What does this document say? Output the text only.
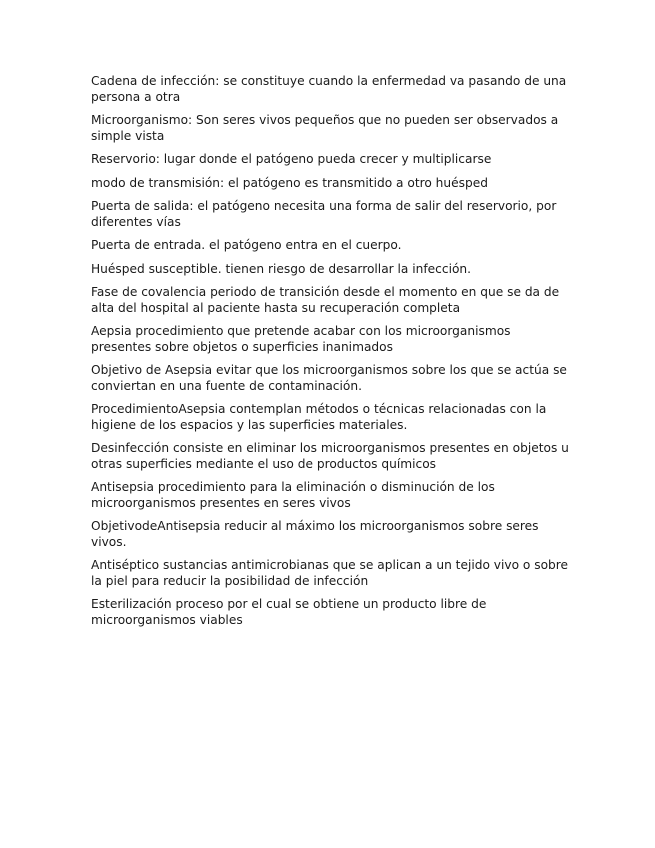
Cadena de infección: se constituye cuando la enfermedad va pasando de una persona a otra

Microorganismo: Son seres vivos pequeños que no pueden ser observados a simple vista

Reservorio: lugar donde el patógeno pueda crecer y multiplicarse

modo de transmisión: el patógeno es transmitido a otro huésped

Puerta de salida: el patógeno necesita una forma de salir del reservorio, por diferentes vías

Puerta de entrada. el patógeno entra en el cuerpo.

Huésped susceptible. tienen riesgo de desarrollar la infección.

Fase de covalencia periodo de transición desde el momento en que se da de alta del hospital al paciente hasta su recuperación completa

Aepsia procedimiento que pretende acabar con los microorganismos presentes sobre objetos o superficies inanimados

Objetivo de Asepsia evitar que los microorganismos sobre los que se actúa se conviertan en una fuente de contaminación.

ProcedimientoAsepsia contemplan métodos o técnicas relacionadas con la higiene de los espacios y las superficies materiales.

Desinfección consiste en eliminar los microorganismos presentes en objetos u otras superficies mediante el uso de productos químicos

Antisepsia procedimiento para la eliminación o disminución de los microorganismos presentes en seres vivos

ObjetivodeAntisepsia reducir al máximo los microorganismos sobre seres vivos.

Antiséptico sustancias antimicrobianas que se aplican a un tejido vivo o sobre la piel para reducir la posibilidad de infección

Esterilización proceso por el cual se obtiene un producto libre de microorganismos viables
